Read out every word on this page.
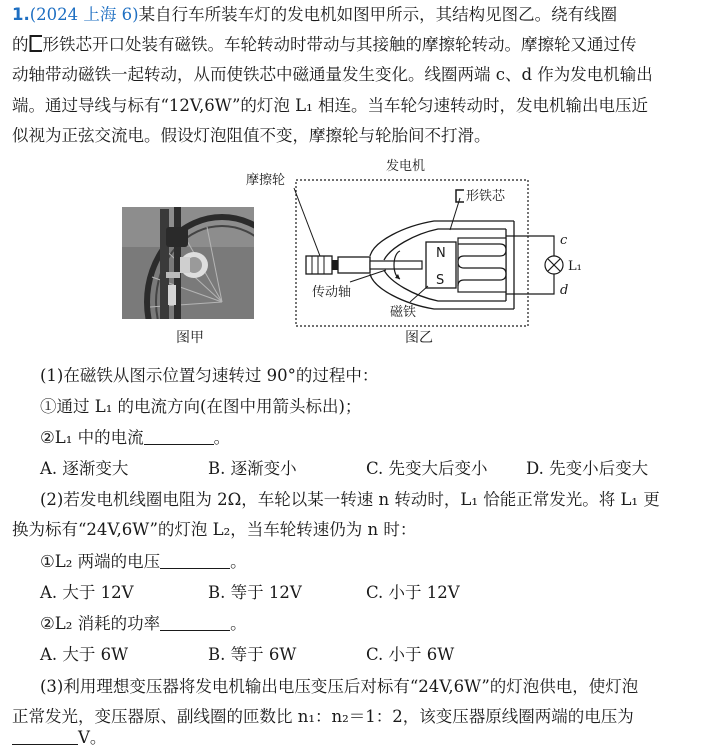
1.(2024 上海 6)某自行车所装车灯的发电机如图甲所示，其结构见图乙。绕有线圈
的 形铁芯开口处装有磁铁。车轮转动时带动与其接触的摩擦轮转动。摩擦轮又通过传
动轴带动磁铁一起转动，从而使铁芯中磁通量发生变化。线圈两端 c、d 作为发电机输出
端。通过导线与标有“12V,6W”的灯泡 L₁ 相连。当车轮匀速转动时，发电机输出电压近
似视为正弦交流电。假设灯泡阻值不变，摩擦轮与轮胎间不打滑。
图甲
发电机
摩擦轮
形铁芯
传动轴
磁铁
N
S
c
d
L₁
图乙
(1)在磁铁从图示位置匀速转过 90°的过程中：
①通过 L₁ 的电流方向(在图中用箭头标出)；
②L₁ 中的电流	。
A. 逐渐变大	B. 逐渐变小	C. 先变大后变小 D. 先变小后变大
(2)若发电机线圈电阻为 2Ω，车轮以某一转速 n 转动时，L₁ 恰能正常发光。将 L₁ 更
换为标有“24V,6W”的灯泡 L₂，当车轮转速仍为 n 时：
①L₂ 两端的电压	。
A. 大于 12V	B. 等于 12V	C. 小于 12V
②L₂ 消耗的功率	。
A. 大于 6W	B. 等于 6W	C. 小于 6W
(3)利用理想变压器将发电机输出电压变压后对标有“24V,6W”的灯泡供电，使灯泡
正常发光，变压器原、副线圈的匝数比 n₁：n₂＝1：2，该变压器原线圈两端的电压为
V。
